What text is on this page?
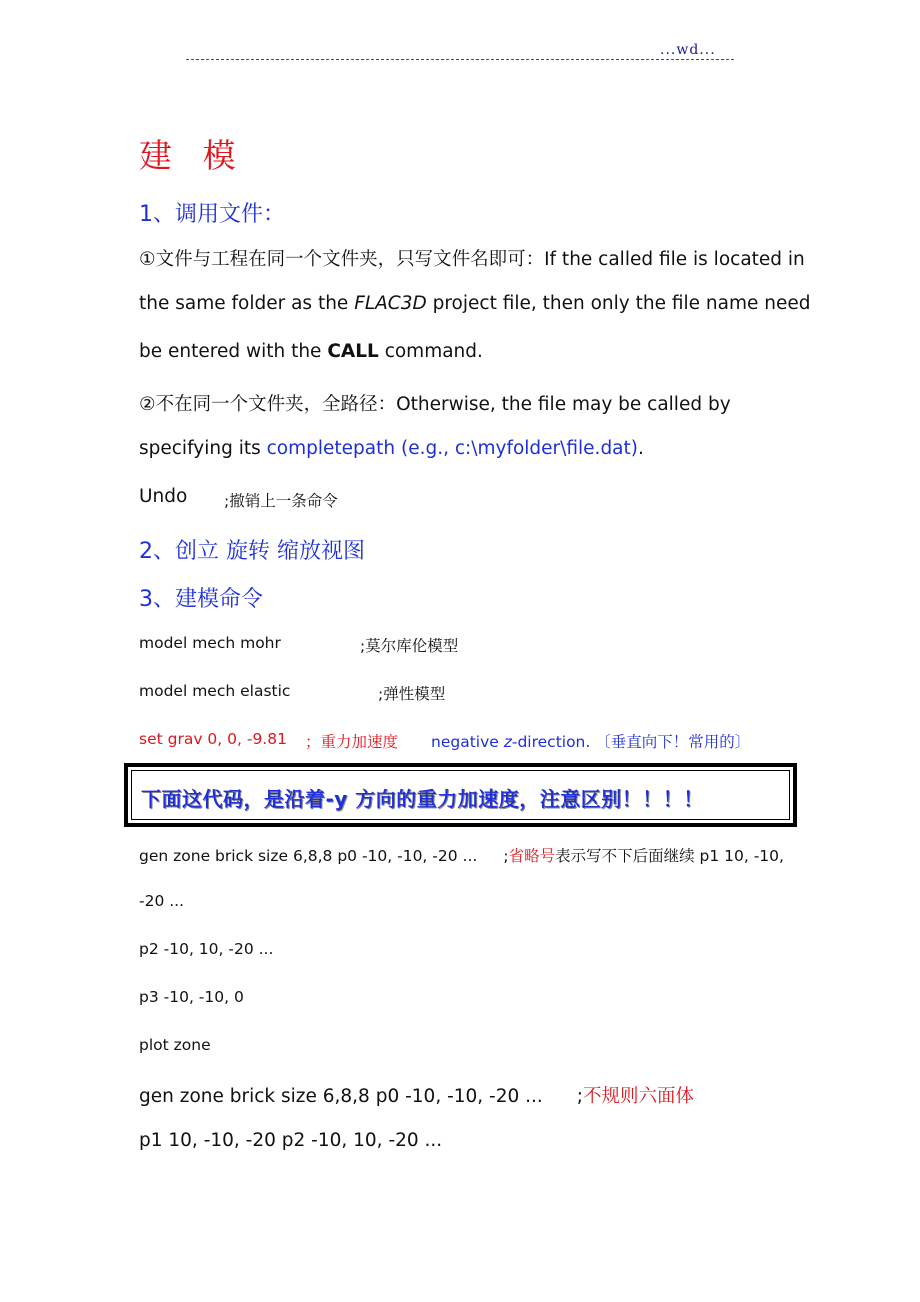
...wd...
建 模
1、调用文件：
①文件与工程在同一个文件夹，只写文件名即可：If the called file is located in
the same folder as the FLAC3D project file, then only the file name need
be entered with the CALL command.
②不在同一个文件夹，全路径：Otherwise, the file may be called by
specifying its completepath (e.g., c:\myfolder\file.dat).
Undo ;撤销上一条命令
2、创立 旋转 缩放视图
3、建模命令
model mech mohr	;莫尔库伦模型
model mech elastic	;弹性模型
set grav 0, 0, -9.81 ；重力加速度 negative z-direction. 〔垂直向下！常用的〕
下面这代码，是沿着-y 方向的重力加速度，注意区别！！！！
gen zone brick size 6,8,8 p0 -10, -10, -20 ... ;省略号表示写不下后面继续 p1 10, -10,
-20 ...
p2 -10, 10, -20 ...
p3 -10, -10, 0
plot zone
gen zone brick size 6,8,8 p0 -10, -10, -20 ... ;不规则六面体
p1 10, -10, -20 p2 -10, 10, -20 ...
